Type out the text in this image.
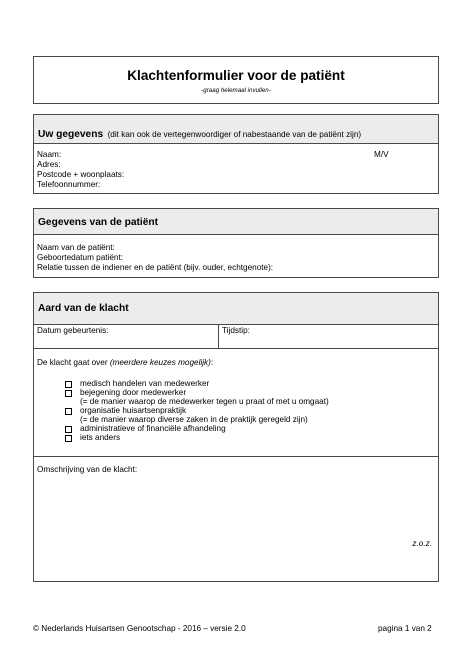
Klachtenformulier voor de patiënt
-graag helemaal invullen-
Uw gegevens (dit kan ook de vertegenwoordiger of nabestaande van de patiënt zijn)
Naam:	M/V
Adres:
Postcode + woonplaats:
Telefoonnummer:
Gegevens van de patiënt
Naam van de patiënt:
Geboortedatum patiënt:
Relatie tussen de indiener en de patiënt (bijv. ouder, echtgenote):
Aard van de klacht
Datum gebeurtenis:	Tijdstip:
De klacht gaat over (meerdere keuzes mogelijk):
medisch handelen van medewerker
bejegening door medewerker
(= de manier waarop de medewerker tegen u praat of met u omgaat)
organisatie huisartsenpraktijk
(= de manier waarop diverse zaken in de praktijk geregeld zijn)
administratieve of financiële afhandeling
iets anders
Omschrijving van de klacht:
z.o.z.
© Nederlands Huisartsen Genootschap - 2016 – versie 2.0	pagina 1 van 2
